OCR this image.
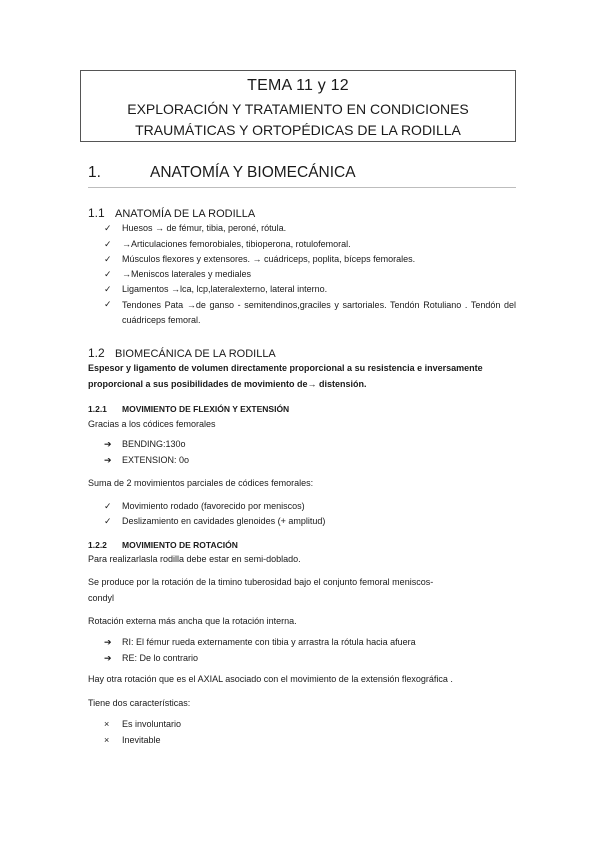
TEMA 11 y 12
EXPLORACIÓN Y TRATAMIENTO EN CONDICIONES
TRAUMÁTICAS Y ORTOPÉDICAS DE LA RODILLA
1.	ANATOMÍA Y BIOMECÁNICA
1.1 ANATOMÍA DE LA RODILLA
✓	Huesos → de fémur, tibia, peroné, rótula.
✓	→Articulaciones femorobiales, tibioperona, rotulofemoral.
✓	Músculos flexores y extensores. → cuádriceps, poplita, bíceps femorales.
✓	→Meniscos laterales y mediales
✓	Ligamentos →lca, lcp,lateralexterno, lateral interno.
✓	Tendones Pata →de ganso - semitendinos,graciles y sartoriales. Tendón Rotuliano . Tendón del cuádriceps femoral.
1.2 BIOMECÁNICA DE LA RODILLA
Espesor y ligamento de volumen directamente proporcional a su resistencia e inversamente
proporcional a sus posibilidades de movimiento de→ distensión.
1.2.1 MOVIMIENTO DE FLEXIÓN Y EXTENSIÓN
Gracias a los códices femorales
➔	BENDING:130o
➔	EXTENSION: 0o
Suma de 2 movimientos parciales de códices femorales:
✓	Movimiento rodado (favorecido por meniscos)
✓	Deslizamiento en cavidades glenoides (+ amplitud)
1.2.2 MOVIMIENTO DE ROTACIÓN
Para realizarlasla rodilla debe estar en semi-doblado.
Se produce por la rotación de la timino tuberosidad bajo el conjunto femoral meniscos-
condyl
Rotación externa más ancha que la rotación interna.
➔	RI: El fémur rueda externamente con tibia y arrastra la rótula hacia afuera
➔	RE: De lo contrario
Hay otra rotación que es el AXIAL asociado con el movimiento de la extensión flexográfica .
Tiene dos características:
×	Es involuntario
×	Inevitable
